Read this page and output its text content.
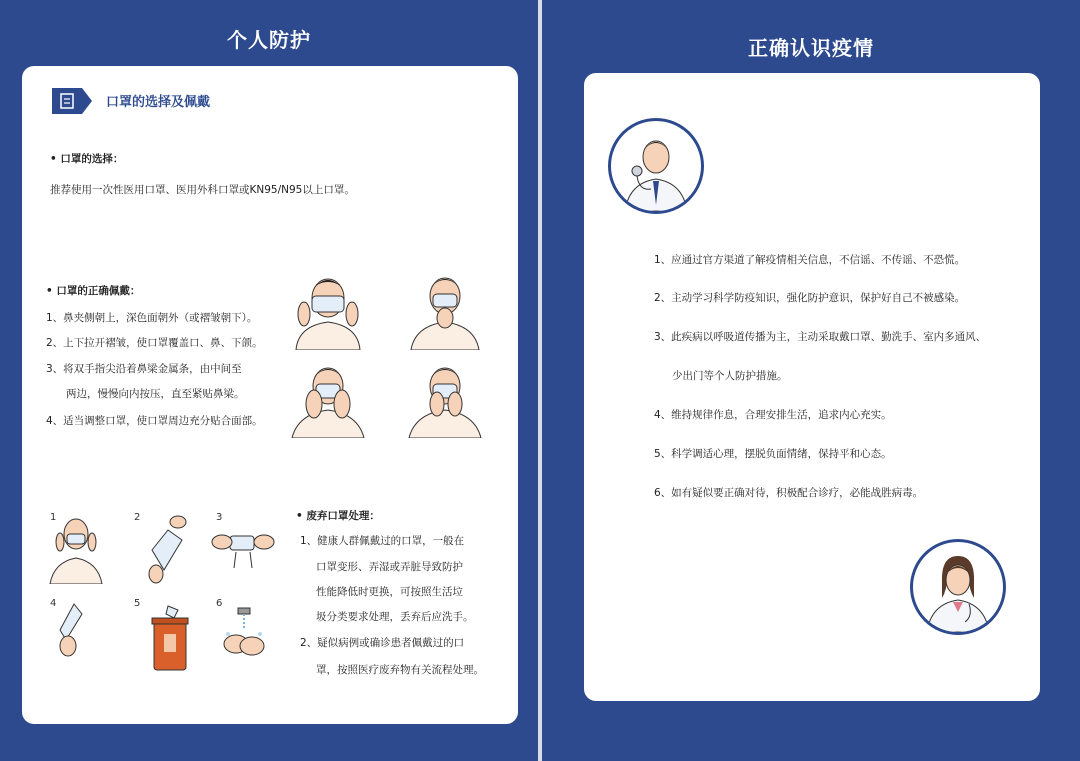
个人防护
口罩的选择及佩戴
• 口罩的选择：
推荐使用一次性医用口罩、医用外科口罩或KN95/N95以上口罩。
• 口罩的正确佩戴：
1、鼻夹侧朝上，深色面朝外（或褶皱朝下）。
2、上下拉开褶皱，使口罩覆盖口、鼻、下颌。
3、将双手指尖沿着鼻梁金属条，由中间至
两边，慢慢向内按压，直至紧贴鼻梁。
4、适当调整口罩，使口罩周边充分贴合面部。
1	2	3
4	5	6
• 废弃口罩处理：
1、健康人群佩戴过的口罩，一般在
口罩变形、弄湿或弄脏导致防护
性能降低时更换，可按照生活垃
圾分类要求处理，丢弃后应洗手。
2、疑似病例或确诊患者佩戴过的口
罩，按照医疗废弃物有关流程处理。
正确认识疫情
1、应通过官方渠道了解疫情相关信息，不信谣、不传谣、不恐慌。
2、主动学习科学防疫知识，强化防护意识，保护好自己不被感染。
3、此疾病以呼吸道传播为主，主动采取戴口罩、勤洗手、室内多通风、
少出门等个人防护措施。
4、维持规律作息，合理安排生活，追求内心充实。
5、科学调适心理，摆脱负面情绪，保持平和心态。
6、如有疑似要正确对待，积极配合诊疗，必能战胜病毒。
